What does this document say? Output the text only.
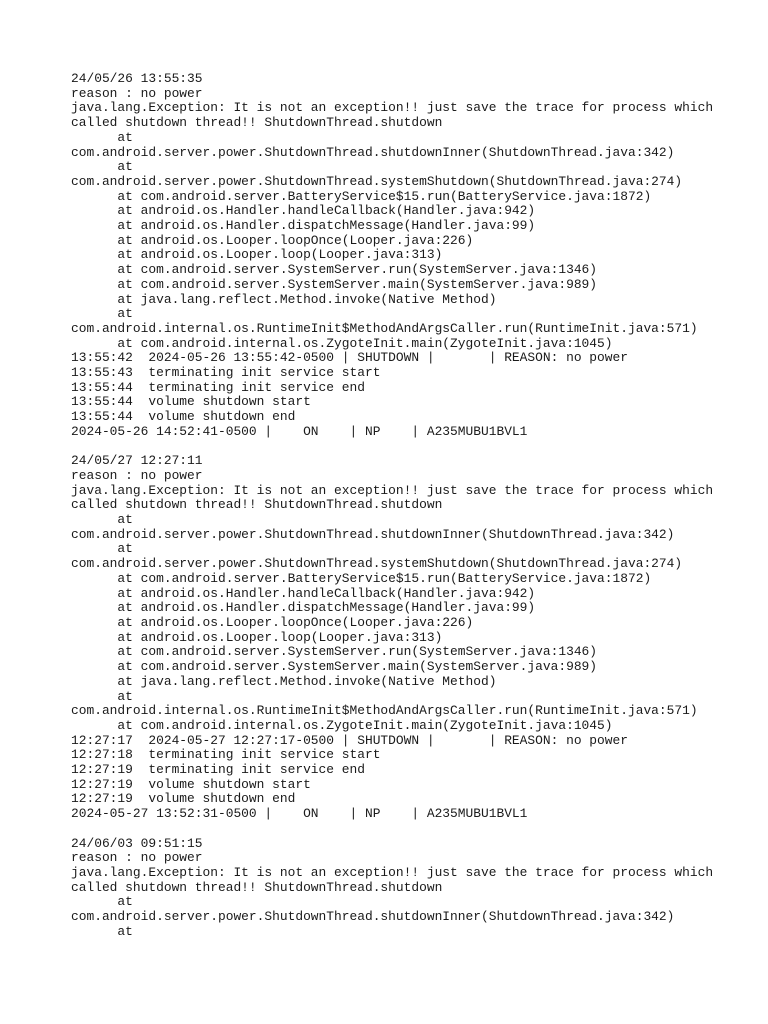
24/05/26 13:55:35
reason : no power
java.lang.Exception: It is not an exception!! just save the trace for process which
called shutdown thread!! ShutdownThread.shutdown
at
com.android.server.power.ShutdownThread.shutdownInner(ShutdownThread.java:342)
at
com.android.server.power.ShutdownThread.systemShutdown(ShutdownThread.java:274)
at com.android.server.BatteryService$15.run(BatteryService.java:1872)
at android.os.Handler.handleCallback(Handler.java:942)
at android.os.Handler.dispatchMessage(Handler.java:99)
at android.os.Looper.loopOnce(Looper.java:226)
at android.os.Looper.loop(Looper.java:313)
at com.android.server.SystemServer.run(SystemServer.java:1346)
at com.android.server.SystemServer.main(SystemServer.java:989)
at java.lang.reflect.Method.invoke(Native Method)
at
com.android.internal.os.RuntimeInit$MethodAndArgsCaller.run(RuntimeInit.java:571)
at com.android.internal.os.ZygoteInit.main(ZygoteInit.java:1045)
13:55:42  2024-05-26 13:55:42-0500 | SHUTDOWN |       | REASON: no power
13:55:43  terminating init service start
13:55:44  terminating init service end
13:55:44  volume shutdown start
13:55:44  volume shutdown end
2024-05-26 14:52:41-0500 |    ON    | NP    | A235MUBU1BVL1
24/05/27 12:27:11
reason : no power
java.lang.Exception: It is not an exception!! just save the trace for process which
called shutdown thread!! ShutdownThread.shutdown
at
com.android.server.power.ShutdownThread.shutdownInner(ShutdownThread.java:342)
at
com.android.server.power.ShutdownThread.systemShutdown(ShutdownThread.java:274)
at com.android.server.BatteryService$15.run(BatteryService.java:1872)
at android.os.Handler.handleCallback(Handler.java:942)
at android.os.Handler.dispatchMessage(Handler.java:99)
at android.os.Looper.loopOnce(Looper.java:226)
at android.os.Looper.loop(Looper.java:313)
at com.android.server.SystemServer.run(SystemServer.java:1346)
at com.android.server.SystemServer.main(SystemServer.java:989)
at java.lang.reflect.Method.invoke(Native Method)
at
com.android.internal.os.RuntimeInit$MethodAndArgsCaller.run(RuntimeInit.java:571)
at com.android.internal.os.ZygoteInit.main(ZygoteInit.java:1045)
12:27:17  2024-05-27 12:27:17-0500 | SHUTDOWN |       | REASON: no power
12:27:18  terminating init service start
12:27:19  terminating init service end
12:27:19  volume shutdown start
12:27:19  volume shutdown end
2024-05-27 13:52:31-0500 |    ON    | NP    | A235MUBU1BVL1
24/06/03 09:51:15
reason : no power
java.lang.Exception: It is not an exception!! just save the trace for process which
called shutdown thread!! ShutdownThread.shutdown
at
com.android.server.power.ShutdownThread.shutdownInner(ShutdownThread.java:342)
at
